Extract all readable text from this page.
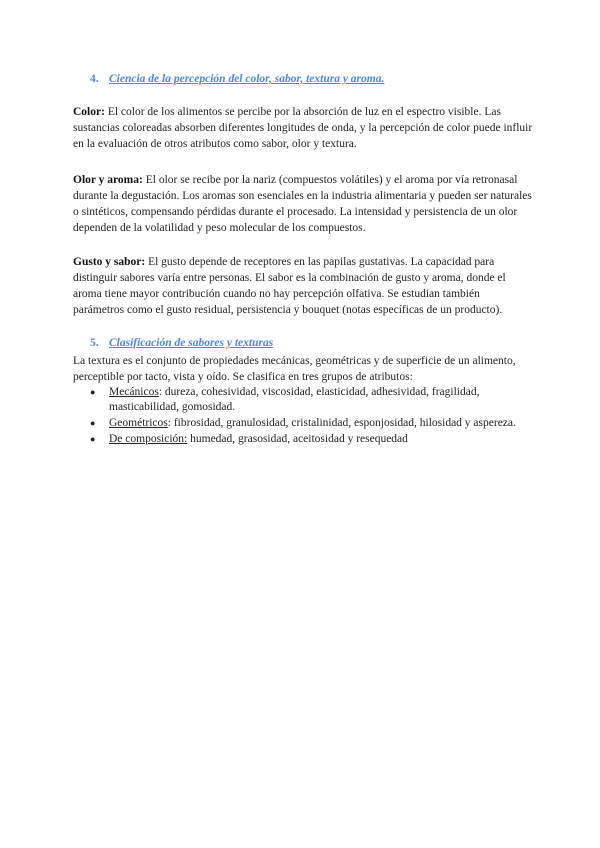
4. Ciencia de la percepción del color, sabor, textura y aroma.

Color: El color de los alimentos se percibe por la absorción de luz en el espectro visible. Las sustancias coloreadas absorben diferentes longitudes de onda, y la percepción de color puede influir en la evaluación de otros atributos como sabor, olor y textura.

Olor y aroma: El olor se recibe por la nariz (compuestos volátiles) y el aroma por vía retronasal durante la degustación. Los aromas son esenciales en la industria alimentaria y pueden ser naturales o sintéticos, compensando pérdidas durante el procesado. La intensidad y persistencia de un olor dependen de la volatilidad y peso molecular de los compuestos.

Gusto y sabor: El gusto depende de receptores en las papilas gustativas. La capacidad para distinguir sabores varía entre personas. El sabor es la combinación de gusto y aroma, donde el aroma tiene mayor contribución cuando no hay percepción olfativa. Se estudian también parámetros como el gusto residual, persistencia y bouquet (notas específicas de un producto).

5. Clasificación de sabores y texturas

La textura es el conjunto de propiedades mecánicas, geométricas y de superficie de un alimento, perceptible por tacto, vista y oído. Se clasifica en tres grupos de atributos:

● Mecánicos: dureza, cohesividad, viscosidad, elasticidad, adhesividad, fragilidad, masticabilidad, gomosidad.
● Geométricos: fibrosidad, granulosidad, cristalinidad, esponjosidad, hilosidad y aspereza.
● De composición: humedad, grasosidad, aceitosidad y resequedad
